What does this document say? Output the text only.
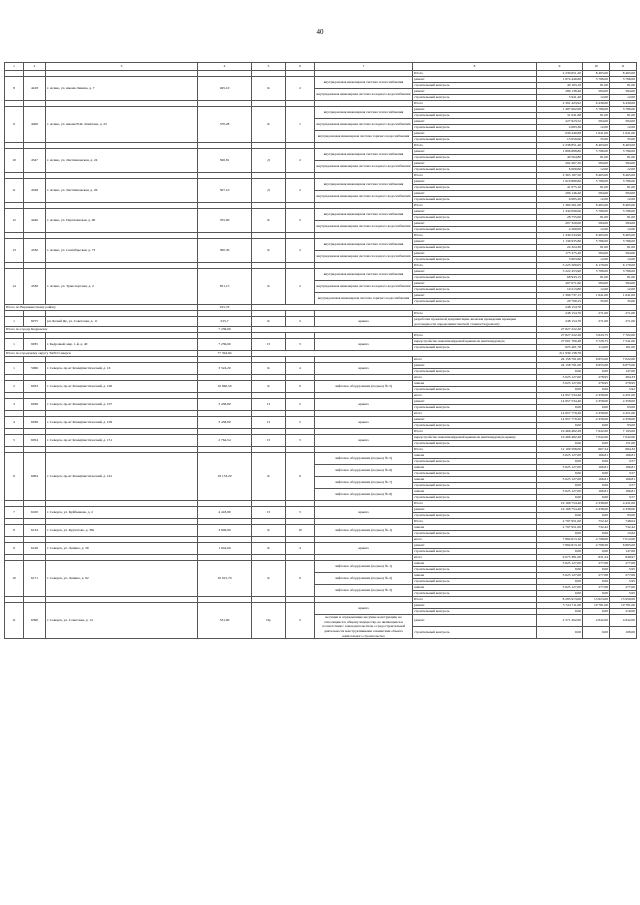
40
1	2	3	4	5	6	7	8	9	10	11
							Итого	2 239 651,20	8 465,00	8 465,00
8	4418	г. Асино, ул. имени Ленина, д. 7	495,10	К	2	внутридомовая инженерная система теплоснабжения	ремонт	1 874 440,60	3 786,00	3 786,00
							строительный контроль	40 103,10	81,00	81,00
						внутридомовая инженерная система холодного водоснабжения	ремонт	289 138,40	584,00	584,00
							строительный контроль	5 941,20	12,00	12,00
							Итого	2 391 423,92	6 439,00	6 439,00
9	4400	г. Асино, ул. имени В.Ф. Левитана, д. 25	370,28	К	1	внутридомовая инженерная система теплоснабжения	ремонт	1 487 602,08	5 786,00	3 786,00
							строительный контроль	31 641,68	81,00	81,00
						внутридомовая инженерная система холодного водоснабжения	ремонт	227 923,52	584,00	584,00
							строительный контроль	4 683,36	12,00	12,00
						внутридомовая инженерная система горячего водоснабжения	ремонт	630 449,68	1 641,00	1 641,00
							строительный контроль	13 659,00	35,00	35,00
							Итого	2 238 851,40	8 463,00	8 463,00
10	4547	г. Асино, ул. Листвиновская, д. 24	500,81	Д	2	внутридомовая инженерная система теплоснабжения	ремонт	1 896 888,80	5 786,00	3 786,00
							строительный контроль	40 564,80	81,00	81,00
						внутридомовая инженерная система холодного водоснабжения	ремонт	292 467,20	584,00	584,00
							строительный контроль	6 009,60	12,00	12,00
							Итого	2 365 187,50	8 465,00	8 465,00
11	4548	г. Асино, ул. Листвиновская, д. 26	507,10	Д	2	внутридомовая инженерная система теплоснабжения	ремонт	1 919 880,60	5 786,00	3 786,00
							строительный контроль	41 075,10	81,00	81,00
						внутридомовая инженерная система холодного водоснабжения	ремонт	296 146,40	584,00	584,00
							строительный контроль	6 085,20	12,00	12,00
							Итого	1 384 561,00	8 465,00	8 465,00
12	4440	г. Асино, ул. Партизанская, д. 60	355,00	К	2	внутридомовая инженерная система теплоснабжения	ремонт	1 344 090,00	5 786,00	3 786,00
							строительный контроль	28 755,00	81,00	81,00
						внутридомовая инженерная система холодного водоснабжения	ремонт	207 320,00	584,00	584,00
							строительный контроль	4 260,00	12,00	12,00
							Итого	1 349 234,90	8 465,00	8 465,00
13	4530	г. Асино, ул. Сентябрьская, д. 73	300,30	К	2	внутридомовая инженерная система теплоснабжения	ремонт	1 136 935,80	5 786,00	3 786,00
							строительный контроль	24 324,30	81,00	81,00
						внутридомовая инженерная система холодного водоснабжения	ремонт	175 375,20	584,00	584,00
							строительный контроль	3 603,60	12,00	12,00
							Итого	5 225 209,05	6 179,00	6 179,00
14	4536	г. Асино, ул. Транспортная, д. 2	851,15	К	2	внутридомовая инженерная система теплоснабжения	ремонт	3 222 453,90	5 786,00	3 786,00
							строительный контроль	68 943,15	81,00	81,00
						внутридомовая инженерная система холодного водоснабжения	ремонт	497 071,60	584,00	584,00
							строительный контроль	10 213,80	12,00	12,00
						внутридомовая инженерная система горячего водоснабжения	ремонт	1 396 737,15	1 641,00	1 641,00
							строительный контроль	29 790,25	35,00	35,00
Итого по Верхнекетскому району			915,70					248 154,70		
							Итого	248 154,70	271,00	271,00
1	8275	рп. Белый Яр, ул. Советская, д. 1г	915,7	К	2	крыша	разработка проектной документации, включая проведение проверки достоверности определения сметной стоимости (ремонт)	248 154,70	271,00	271,00
Итого по городу Кедровому			7 239,60					27 827 222,26		
							Итого	27 827 222,26	3 843,75	7 702,00
1	9035	г. Кедровый, мкр. 1-й, д. 40	7 239,60	П	5	крыша	переустройство невентилируемой крыши на вентилируемую	27 001 760,48	3 729,75	7 541,00
							строительный контроль	825 461,78	114,00	161,00
Итого по городскому округу ЗАТО Северск			77 594,84					211 930 138,78		
							итого	24 158 791,00	6 855,00	7 022,00
1	5966	г. Северск, пр-кт Коммунистический, д. 16	3 524,20	К	4	крыша	ремонт	24 158 791,00	6 855,00	6 875,00
							строительный контроль	0,00	0,00	147,00
							итого	3 025 127,00	278,95	284,33
2	6033	г. Северск, пр-кт Коммунистический, д. 100	10 846,50	К	9	лифтовое оборудование (подъезд № 5)	замена	3 025 127,00	278,95	278,95
							строительный контроль	0,00	0,00	5,92
							итого	14 957 534,40	4 358,00	4 451,00
3	6036	г. Северск, пр-кт Коммунистический, д. 107	3 458,80	П	5	крыша	ремонт	14 957 534,40	4 358,00	4 358,00
							строительный контроль	0,00	0,00	93,00
							итого	14 957 779,20	4 358,00	4 451,00
4	6038	г. Северск, пр-кт Коммунистический, д. 109	3 458,60	П	5	крыша	ремонт	14 957 779,20	4 358,00	4 358,00
							строительный контроль	0,00	0,00	93,00
							Итого	19 466 482,28	7 642,00	7 193,00
5	6054	г. Северск, пр-кт Коммунистический, д. 151	2 764,54	П	5	крыша	переустройство невентилируемой крыши на вентилируемую крышу	19 466 482,28	7 042,00	7 042,00
							строительный контроль	0,00	0,00	151,00
							Итого	12 100 508,00	667,24	684,32
6	6064	г. Северск, пр-кт Коммунистический, д. 161	18 133,20	К	9	лифтовое оборудование (подъезд № 5)	замена	3 025 127,00	166,81	166,81
							строительный контроль	0,00	0,00	3,57
						лифтовое оборудование (подъезд № 6)	замена	3 025 127,00	166,81	166,81
							строительный контроль	0,00	0,00	3,57
						лифтовое оборудование (подъезд № 7)	замена	3 025 127,00	166,81	166,81
							строительный контроль	0,00	0,00	3,57
						лифтовое оборудование (подъезд № 8)	замена	3 025 127,00	166,81	166,81
							строительный контроль	0,00	0,00	3,57
							Итого	19 168 754,40	4 338,00	4 431,00
7	6100	г. Северск, ул. Куйбышева, д. 2	4 418,80	П	5	крыша	ремонт	19 168 754,40	4 338,00	4 338,00
							строительный контроль	0,00	0,00	93,00
							Итого	2 797 951,00	752,42	748,04
8	6134	г. Северск, ул. Курчатова, д. 38а	3 849,90	К	10	лифтовое оборудование (подъезд № 1)	замена	2 797 951,00	732,42	732,42
							строительный контроль	0,00	0,00	15,62
							итого	7 894 813,10	4 798,00	7 012,00
9	6146	г. Северск, ул. Ленина, д. 30	1 644,60	К	4	крыша	ремонт	7 894 813,10	4 798,50	6 865,00
							строительный контроль	0,00	0,00	147,00
							итого	9 075 381,00	831,24	848,97
10	6171	г. Северск, ул. Ленина, д. 92	10 915,70	К	9	лифтовое оборудование (подъезд № 1)	замена	3 025 127,00	277,08	277,08
							строительный контроль	0,00	0,00	5,95
						лифтовое оборудование (подъезд № 2)	замена	3 025 127,00	277,08	277,06
							строительный контроль	0,00	0,00	5,95
						лифтовое оборудование (подъезд № 3)	замена	3 025 127,00	277,08	277,06
							строительный контроль	0,00	0,00	5,95
							Итого	8 295 913,00	15 623,00	15 950,00
11	6390	г. Северск, ул. Советская, д. 14	531,00	Пр	2	крыша	ремонт	5 724 711,00	10 781,00	10 781,00
							строительный контроль	0,00	0,00	219,00
						несущие и ограждающие несущие конструкции, не относящиеся к общему имуществу, но являющиеся в соответствии с законодательством о градостроительной деятельности конструктивными элементами объекта капитального строительства	ремонт	2 571 202,00	4 842,00	4 842,00
							строительный контроль	0,00	0,00	108,00
